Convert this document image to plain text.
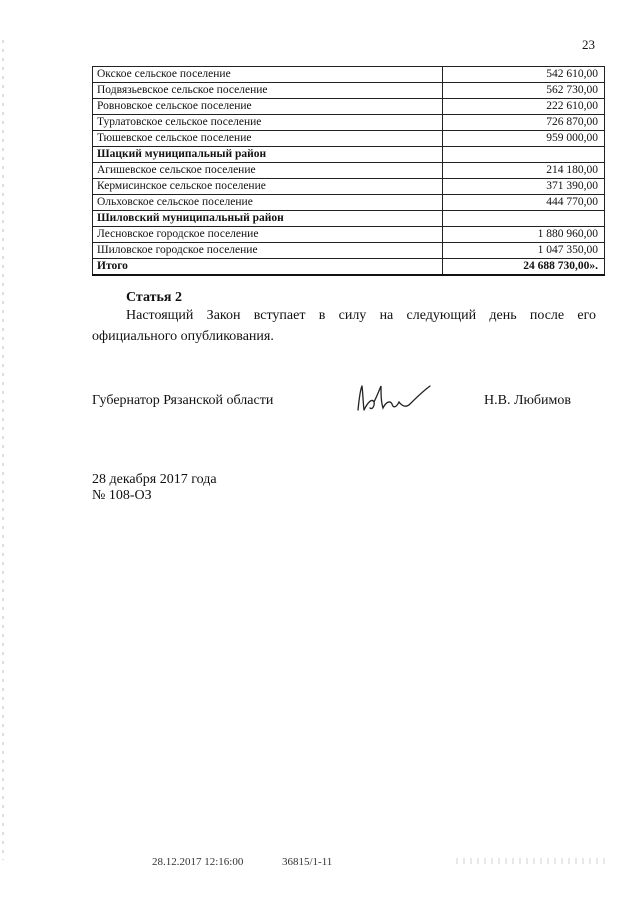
23
Окское сельское поселение	542 610,00
Подвязьевское сельское поселение	562 730,00
Ровновское сельское поселение	222 610,00
Турлатовское сельское поселение	726 870,00
Тюшевское сельское поселение	959 000,00
Шацкий муниципальный район	
Агишевское сельское поселение	214 180,00
Кермисинское сельское поселение	371 390,00
Ольховское сельское поселение	444 770,00
Шиловский муниципальный район	
Лесновское городское поселение	1 880 960,00
Шиловское городское поселение	1 047 350,00
Итого	24 688 730,00».
Статья 2
Настоящий Закон вступает в силу на следующий день после его официального опубликования.
Губернатор Рязанской области	Н.В. Любимов
28 декабря 2017 года
№ 108-ОЗ
28.12.2017 12:16:00	36815/1-11
